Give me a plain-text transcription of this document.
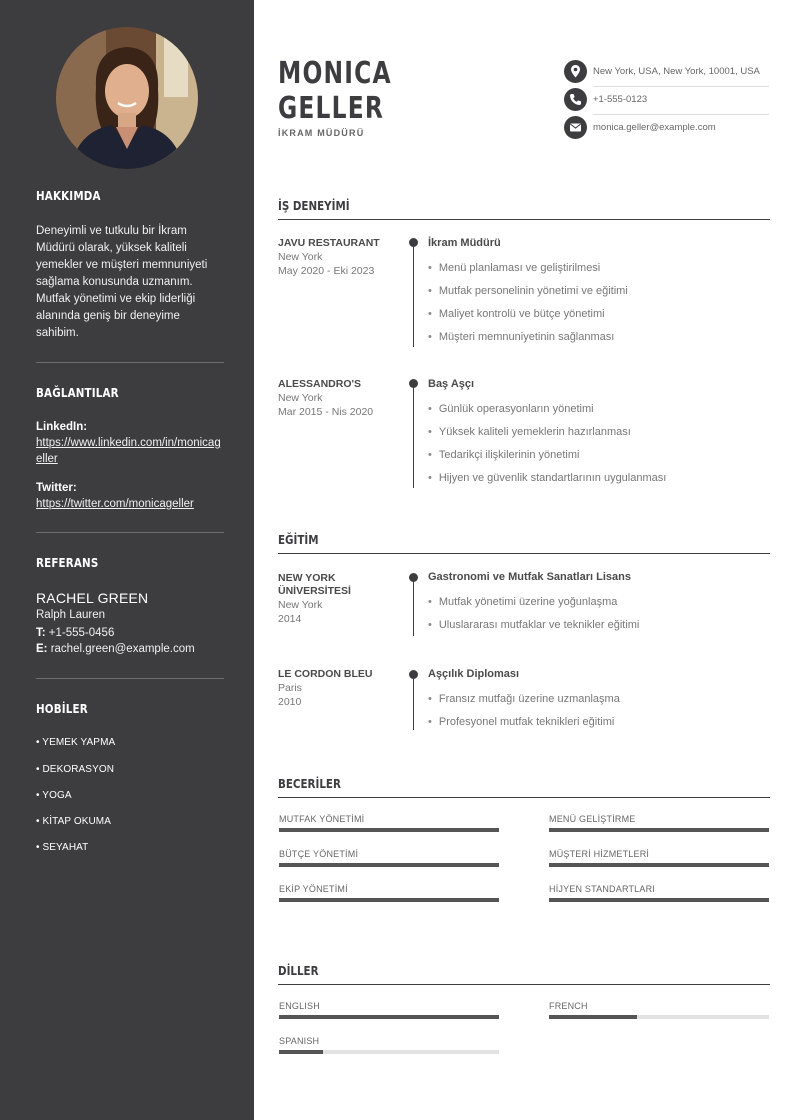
HAKKIMDA
Deneyimli ve tutkulu bir İkram Müdürü olarak, yüksek kaliteli yemekler ve müşteri memnuniyeti sağlama konusunda uzmanım. Mutfak yönetimi ve ekip liderliği alanında geniş bir deneyime sahibim.
BAĞLANTILAR
LinkedIn:
https://www.linkedin.com/in/monicageller
Twitter:
https://twitter.com/monicageller
REFERANS
RACHEL GREEN
Ralph Lauren
T: +1-555-0456
E: rachel.green@example.com
HOBİLER
• YEMEK YAPMA
• DEKORASYON
• YOGA
• KİTAP OKUMA
• SEYAHAT
MONICA
GELLER
İKRAM MÜDÜRÜ
New York, USA, New York, 10001, USA
+1-555-0123
monica.geller@example.com
İŞ DENEYİMİ
JAVU RESTAURANT
New York
May 2020 - Eki 2023
İkram Müdürü
• Menü planlaması ve geliştirilmesi
• Mutfak personelinin yönetimi ve eğitimi
• Maliyet kontrolü ve bütçe yönetimi
• Müşteri memnuniyetinin sağlanması
ALESSANDRO'S
New York
Mar 2015 - Nis 2020
Baş Aşçı
• Günlük operasyonların yönetimi
• Yüksek kaliteli yemeklerin hazırlanması
• Tedarikçi ilişkilerinin yönetimi
• Hijyen ve güvenlik standartlarının uygulanması
EĞİTİM
NEW YORK ÜNİVERSİTESİ
New York
2014
Gastronomi ve Mutfak Sanatları Lisans
• Mutfak yönetimi üzerine yoğunlaşma
• Uluslararası mutfaklar ve teknikler eğitimi
LE CORDON BLEU
Paris
2010
Aşçılık Diploması
• Fransız mutfağı üzerine uzmanlaşma
• Profesyonel mutfak teknikleri eğitimi
BECERİLER
MUTFAK YÖNETİMİ	MENÜ GELİŞTİRME
BÜTÇE YÖNETİMİ	MÜŞTERİ HİZMETLERİ
EKİP YÖNETİMİ	HİJYEN STANDARTLARI
DİLLER
ENGLISH	FRENCH
SPANISH
